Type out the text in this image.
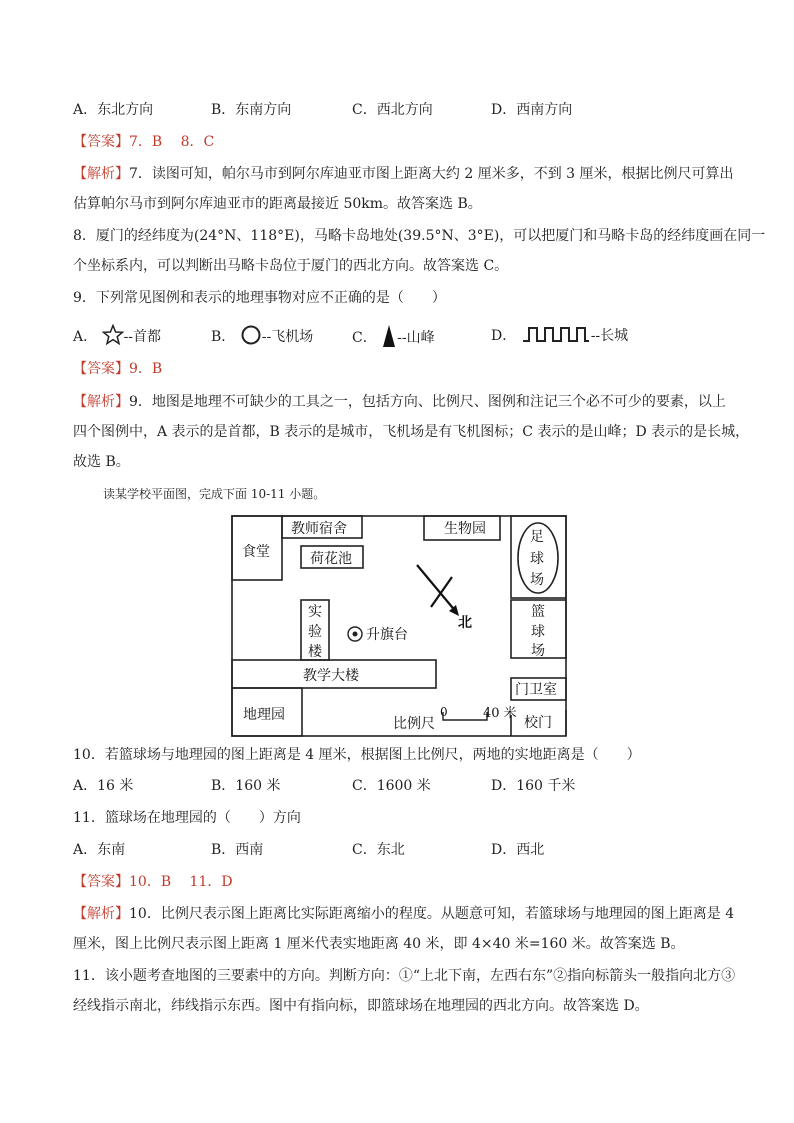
A．东北方向	B．东南方向	C．西北方向	D．西南方向
【答案】7．B　 8．C
【解析】7．读图可知，帕尔马市到阿尔库迪亚市图上距离大约 2 厘米多，不到 3 厘米，根据比例尺可算出
估算帕尔马市到阿尔库迪亚市的距离最接近 50km。故答案选 B。
8．厦门的经纬度为(24°N、118°E)，马略卡岛地处(39.5°N、3°E)，可以把厦门和马略卡岛的经纬度画在同一
个坐标系内，可以判断出马略卡岛位于厦门的西北方向。故答案选 C。
9．下列常见图例和表示的地理事物对应不正确的是（　　）
A． --首都	B． --飞机场	C． --山峰	D．	--长城
【答案】9．B
【解析】9．地图是地理不可缺少的工具之一，包括方向、比例尺、图例和注记三个必不可少的要素，以上
四个图例中，A 表示的是首都，B 表示的是城市，飞机场是有飞机图标；C 表示的是山峰；D 表示的是长城，
故选 B。
读某学校平面图，完成下面 10-11 小题。
食堂
教师宿舍
荷花池
生物园	足
球
场
篮
球
场
实
验
楼
升旗台
北
教学大楼
地理园
门卫室
校门
比例尺
0	40 米
10．若篮球场与地理园的图上距离是 4 厘米，根据图上比例尺，两地的实地距离是（　　）
A．16 米	B．160 米	C．1600 米	D．160 千米
11．篮球场在地理园的（　　）方向
A．东南	B．西南	C．东北	D．西北
【答案】10．B　 11．D
【解析】10．比例尺表示图上距离比实际距离缩小的程度。从题意可知，若篮球场与地理园的图上距离是 4
厘米，图上比例尺表示图上距离 1 厘米代表实地距离 40 米，即 4×40 米=160 米。故答案选 B。
11．该小题考查地图的三要素中的方向。判断方向：①“上北下南，左西右东”②指向标箭头一般指向北方③
经线指示南北，纬线指示东西。图中有指向标，即篮球场在地理园的西北方向。故答案选 D。
